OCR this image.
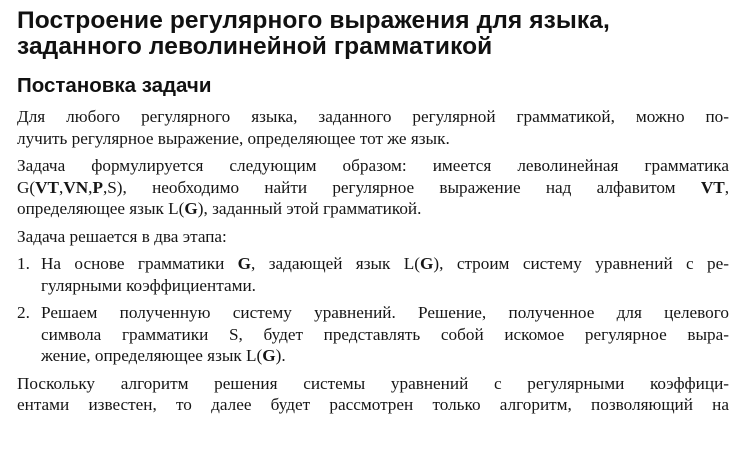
Построение регулярного выражения для языка,
заданного леволинейной грамматикой
Постановка задачи

Для любого регулярного языка, заданного регулярной грамматикой, можно по-
лучить регулярное выражение, определяющее тот же язык.

Задача формулируется следующим образом: имеется леволинейная грамматика
G(VT,VN,P,S), необходимо найти регулярное выражение над алфавитом VT,
определяющее язык L(G), заданный этой грамматикой.

Задача решается в два этапа:

1. На основе грамматики G, задающей язык L(G), строим систему уравнений с ре-
гулярными коэффициентами.
2. Решаем полученную систему уравнений. Решение, полученное для целевого
символа грамматики S, будет представлять собой искомое регулярное выра-
жение, определяющее язык L(G).

Поскольку алгоритм решения системы уравнений с регулярными коэффици-
ентами известен, то далее будет рассмотрен только алгоритм, позволяющий на
